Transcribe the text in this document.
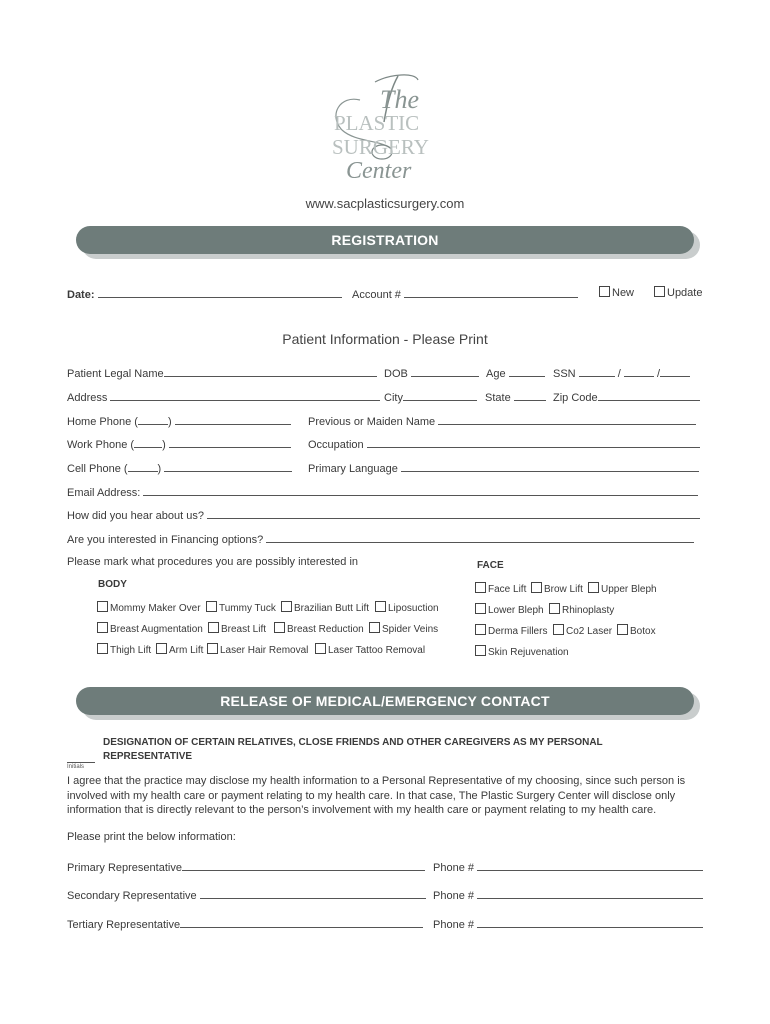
The
PLASTIC
SURGERY
Center
www.sacplasticsurgery.com
REGISTRATION
Date:	Account #	New	Update
Patient Information - Please Print
Patient Legal Name	DOB	Age	SSN	/	/
Address	City	State	Zip Code
Home Phone (	)	Previous or Maiden Name
Work Phone (	)	Occupation
Cell Phone (	)	Primary Language
Email Address:
How did you hear about us?
Are you interested in Financing options?
Please mark what procedures you are possibly interested in
BODY
FACE
Mommy Maker Over	Tummy Tuck	Brazilian Butt Lift	Liposuction
Breast Augmentation	Breast Lift	Breast Reduction	Spider Veins
Thigh Lift	Arm Lift	Laser Hair Removal	Laser Tattoo Removal
Face Lift	Brow Lift	Upper Bleph
Lower Bleph	Rhinoplasty
Derma Fillers	Co2 Laser	Botox
Skin Rejuvenation
RELEASE OF MEDICAL/EMERGENCY CONTACT
Initials
DESIGNATION OF CERTAIN RELATIVES, CLOSE FRIENDS AND OTHER CAREGIVERS AS MY PERSONAL
REPRESENTATIVE
I agree that the practice may disclose my health information to a Personal Representative of my choosing, since such person is
involved with my health care or payment relating to my health care. In that case, The Plastic Surgery Center will disclose only
information that is directly relevant to the person’s involvement with my health care or payment relating to my health care.
Please print the below information:
Primary Representative	Phone #
Secondary Representative	Phone #
Tertiary Representative	Phone #
